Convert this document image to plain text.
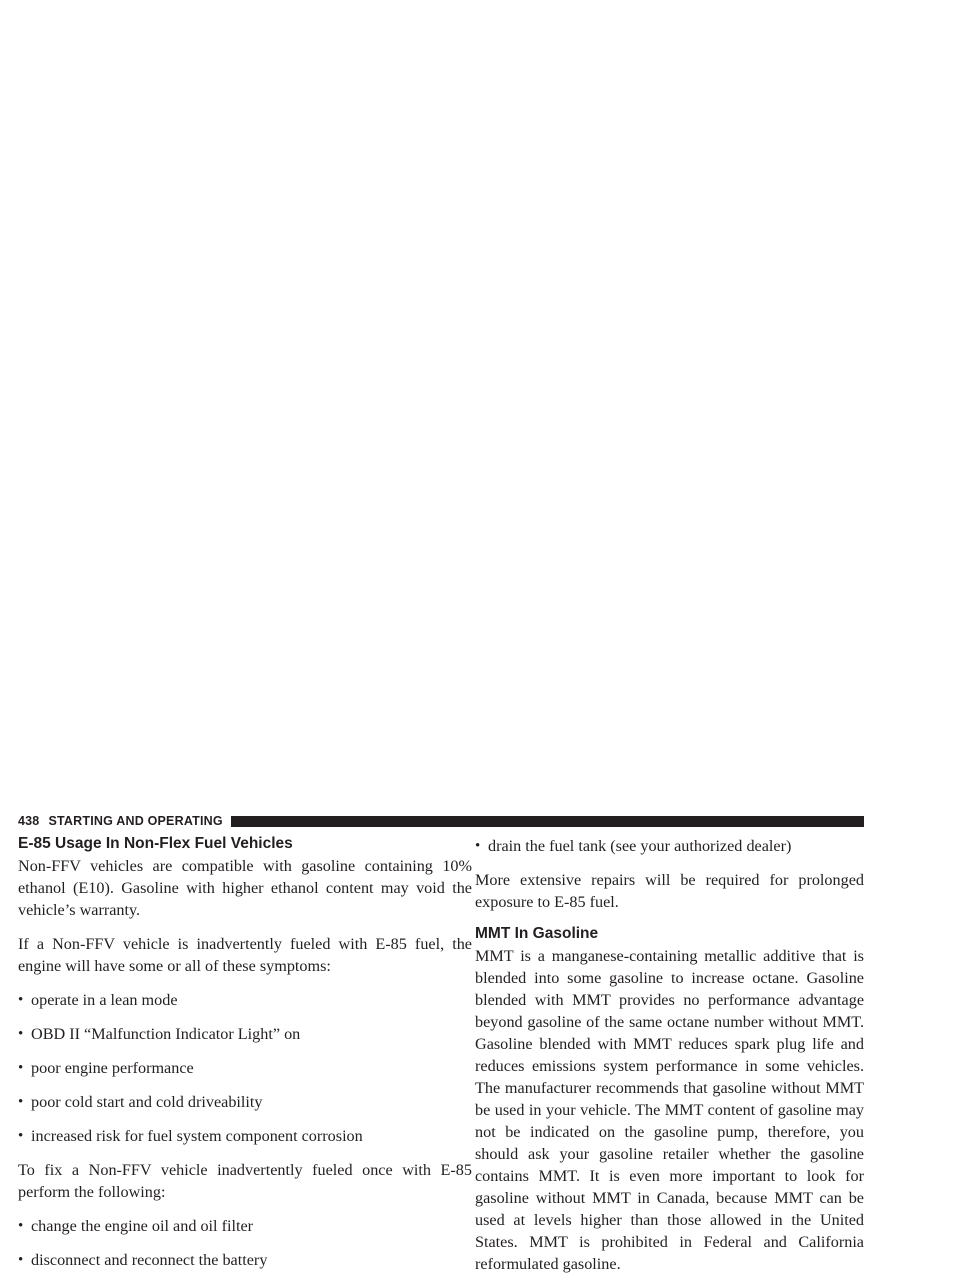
438 STARTING AND OPERATING
E-85 Usage In Non-Flex Fuel Vehicles

Non-FFV vehicles are compatible with gasoline containing 10% ethanol (E10). Gasoline with higher ethanol content may void the vehicle’s warranty.

If a Non-FFV vehicle is inadvertently fueled with E-85 fuel, the engine will have some or all of these symptoms:

• operate in a lean mode
• OBD II “Malfunction Indicator Light” on
• poor engine performance
• poor cold start and cold driveability
• increased risk for fuel system component corrosion

To fix a Non-FFV vehicle inadvertently fueled once with E-85 perform the following:

• change the engine oil and oil filter
• disconnect and reconnect the battery
• drain the fuel tank (see your authorized dealer)

More extensive repairs will be required for prolonged exposure to E-85 fuel.

MMT In Gasoline

MMT is a manganese-containing metallic additive that is blended into some gasoline to increase octane. Gasoline blended with MMT provides no performance advantage beyond gasoline of the same octane number without MMT. Gasoline blended with MMT reduces spark plug life and reduces emissions system performance in some vehicles. The manufacturer recommends that gasoline without MMT be used in your vehicle. The MMT content of gasoline may not be indicated on the gasoline pump, therefore, you should ask your gasoline retailer whether the gasoline contains MMT. It is even more important to look for gasoline without MMT in Canada, because MMT can be used at levels higher than those allowed in the United States. MMT is prohibited in Federal and California reformulated gasoline.
